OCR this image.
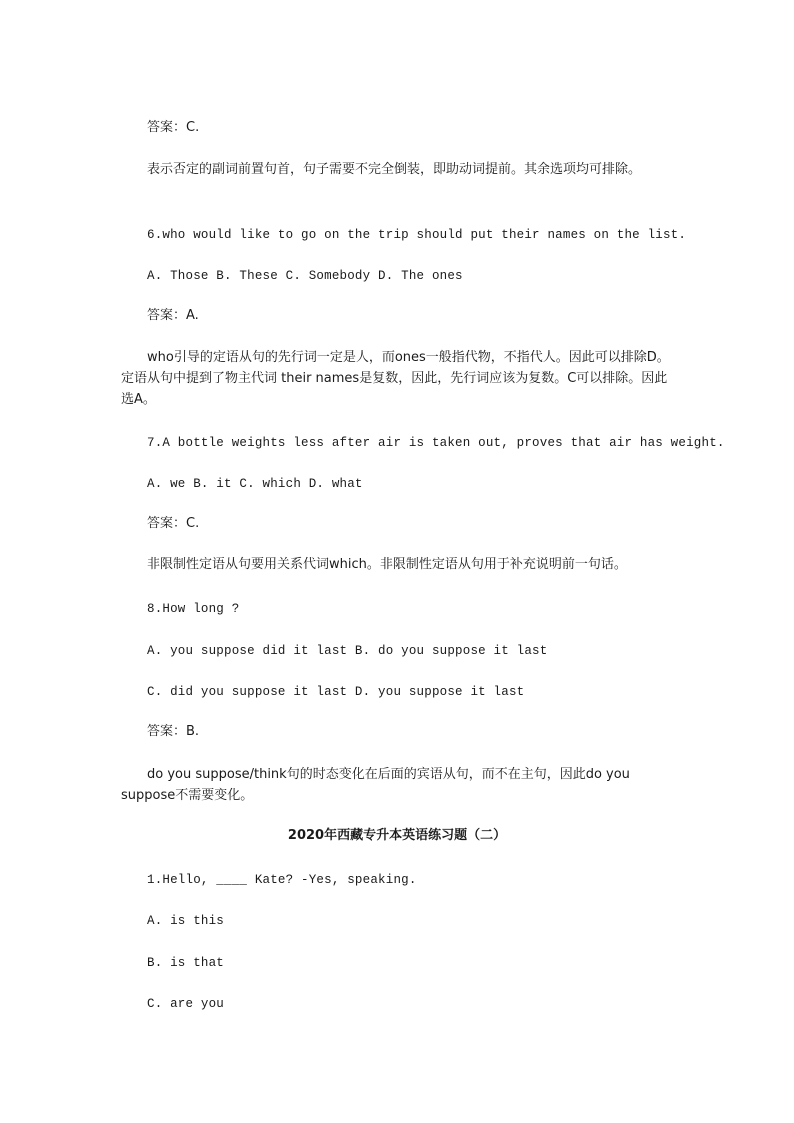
答案：C.
表示否定的副词前置句首，句子需要不完全倒装，即助动词提前。其余选项均可排除。
6.who would like to go on the trip should put their names on the list.
A. Those B. These C. Somebody D. The ones
答案：A.
who引导的定语从句的先行词一定是人，而ones一般指代物，不指代人。因此可以排除D。定语从句中提到了物主代词 their names是复数，因此，先行词应该为复数。C可以排除。因此选A。
7.A bottle weights less after air is taken out, proves that air has weight.
A. we B. it C. which D. what
答案：C.
非限制性定语从句要用关系代词which。非限制性定语从句用于补充说明前一句话。
8.How long ?
A. you suppose did it last B. do you suppose it last
C. did you suppose it last D. you suppose it last
答案：B.
do you suppose/think句的时态变化在后面的宾语从句，而不在主句，因此do you suppose不需要变化。
2020年西藏专升本英语练习题（二）
1.Hello, ____ Kate? -Yes, speaking.
A. is this
B. is that
C. are you
